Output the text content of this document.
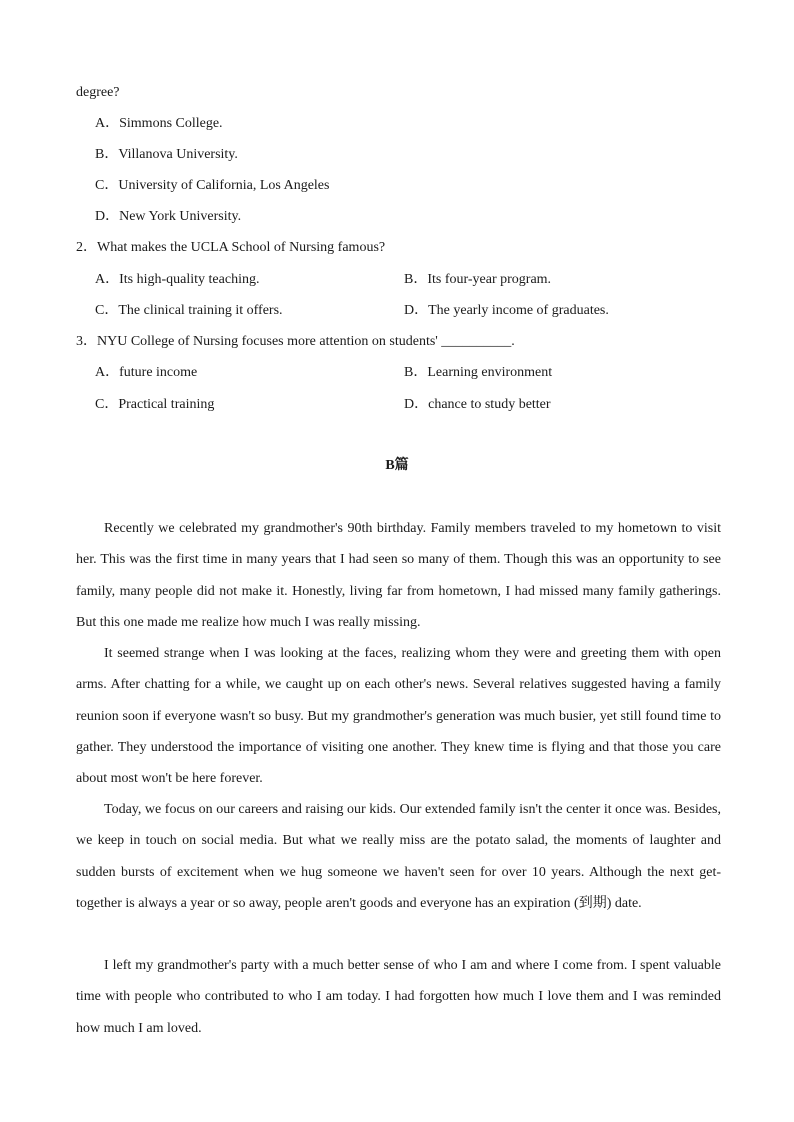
degree?
A．Simmons College.
B．Villanova University.
C．University of California, Los Angeles
D．New York University.
2．What makes the UCLA School of Nursing famous?
A．Its high-quality teaching.	B．Its four-year program.
C．The clinical training it offers.	D．The yearly income of graduates.
3．NYU College of Nursing focuses more attention on students' __________.
A．future income	B．Learning environment
C．Practical training	D．chance to study better
B篇
Recently we celebrated my grandmother's 90th birthday. Family members traveled to my hometown to visit her. This was the first time in many years that I had seen so many of them. Though this was an opportunity to see family, many people did not make it. Honestly, living far from hometown, I had missed many family gatherings. But this one made me realize how much I was really missing.
It seemed strange when I was looking at the faces, realizing whom they were and greeting them with open arms. After chatting for a while, we caught up on each other's news. Several relatives suggested having a family reunion soon if everyone wasn't so busy. But my grandmother's generation was much busier, yet still found time to gather. They understood the importance of visiting one another. They knew time is flying and that those you care about most won't be here forever.
Today, we focus on our careers and raising our kids. Our extended family isn't the center it once was. Besides, we keep in touch on social media. But what we really miss are the potato salad, the moments of laughter and sudden bursts of excitement when we hug someone we haven't seen for over 10 years. Although the next get-together is always a year or so away, people aren't goods and everyone has an expiration (到期) date.
I left my grandmother's party with a much better sense of who I am and where I come from. I spent valuable time with people who contributed to who I am today. I had forgotten how much I love them and I was reminded how much I am loved.
